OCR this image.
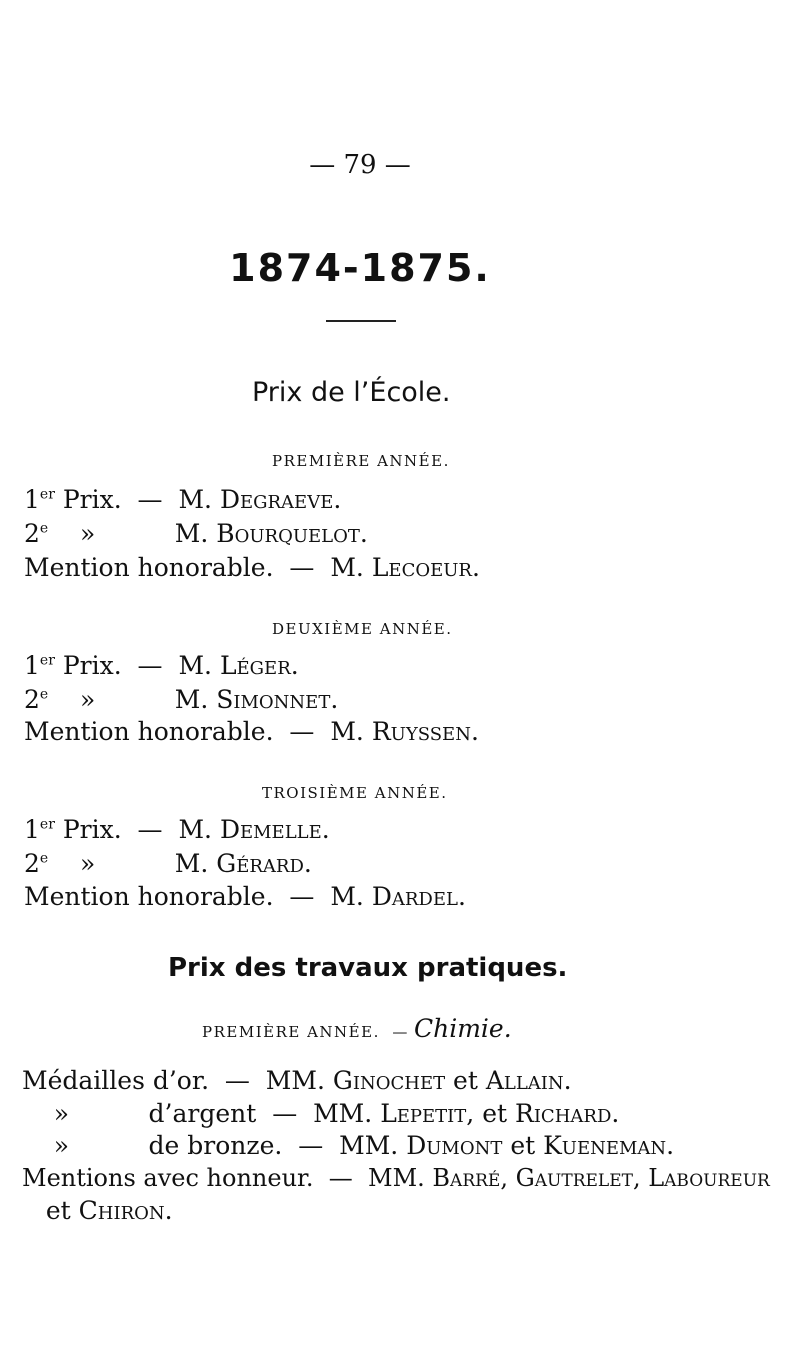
— 79 —
1874-1875.
Prix de l’École.
PREMIÈRE ANNÉE.
1er Prix.  —  M. Degraeve.
2e    »          M. Bourquelot.
Mention honorable.  —  M. Lecoeur.
DEUXIÈME ANNÉE.
1er Prix.  —  M. Léger.
2e    »          M. Simonnet.
Mention honorable.  —  M. Ruyssen.
TROISIÈME ANNÉE.
1er Prix.  —  M. Demelle.
2e    »          M. Gérard.
Mention honorable.  —  M. Dardel.
Prix des travaux pratiques.
PREMIÈRE ANNÉE.  — Chimie.
Médailles d’or.  —  MM. Ginochet et Allain.
»          d’argent  —  MM. Lepetit, et Richard.
»          de bronze.  —  MM. Dumont et Kueneman.
Mentions avec honneur.  —  MM. Barré, Gautrelet, Laboureur
et Chiron.
